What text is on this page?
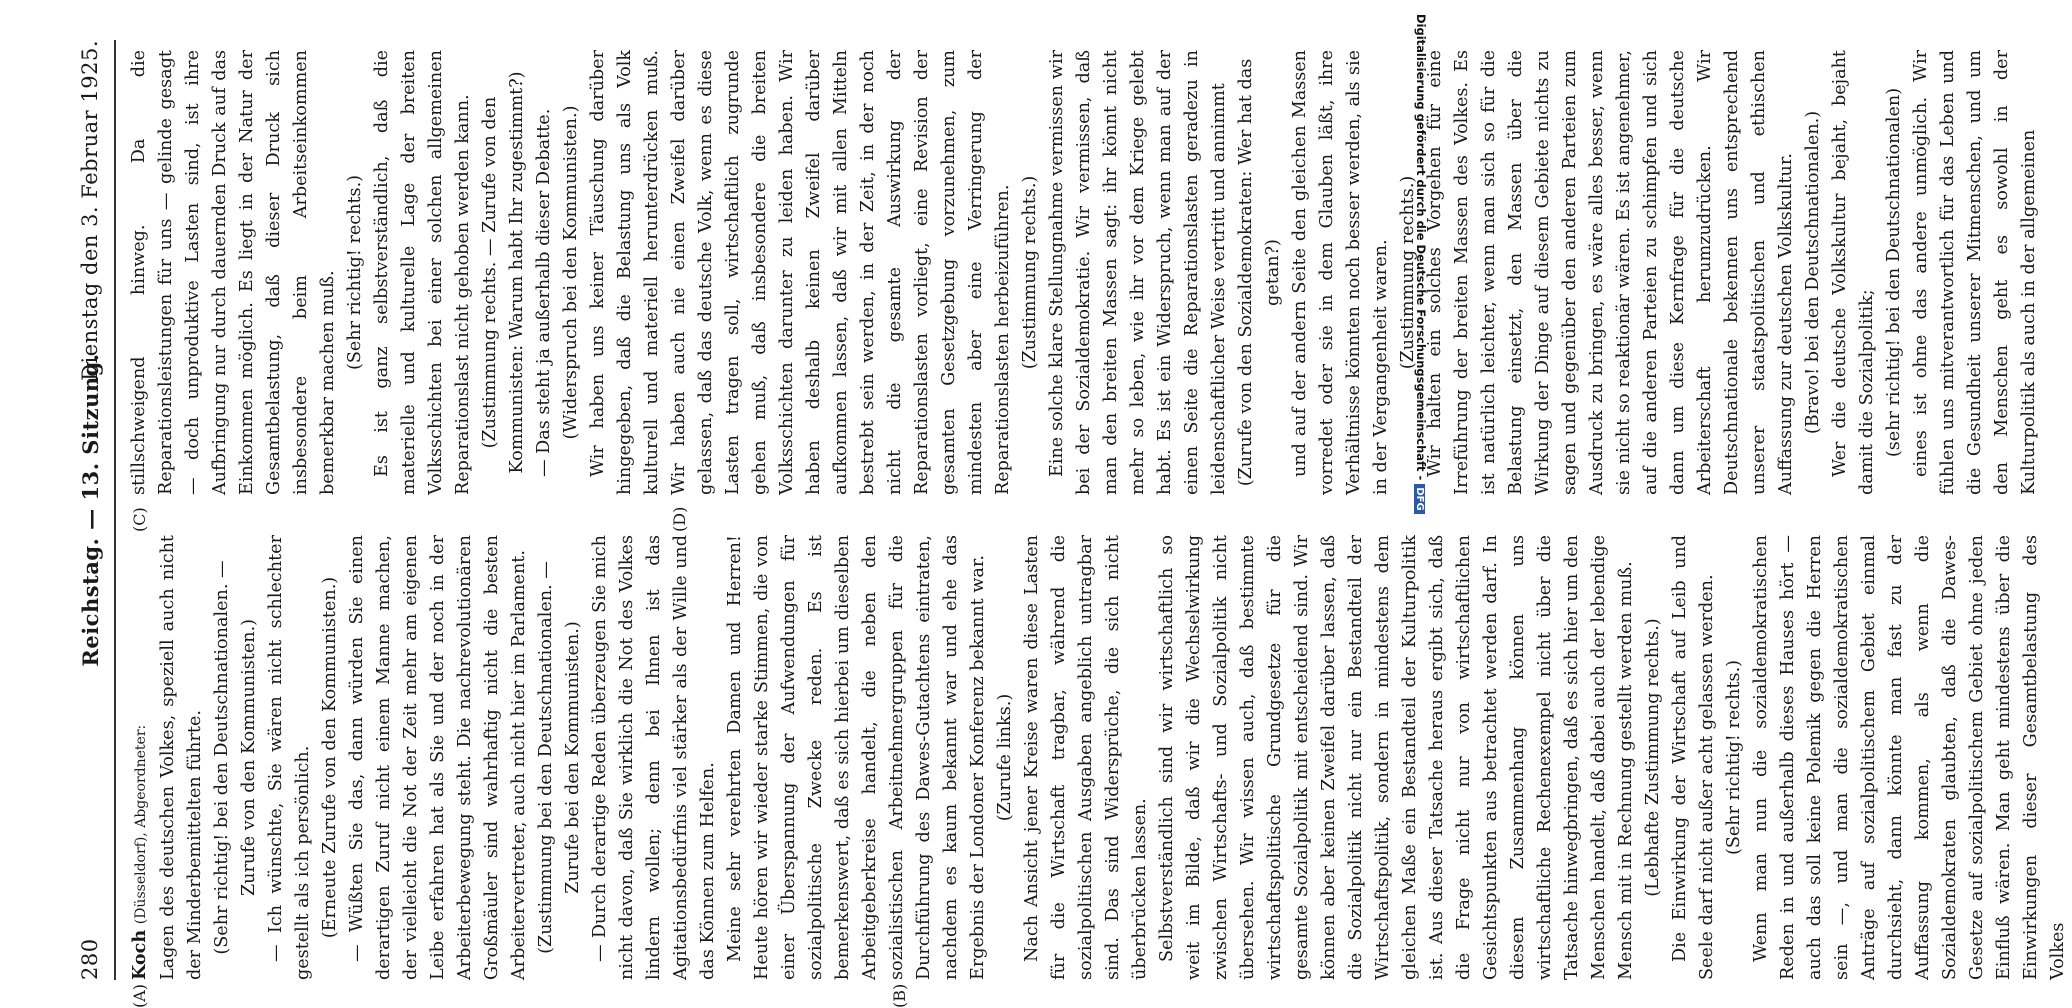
280
Reichstag. — 13. Sitzung.
Dienstag den 3. Februar 1925.
(A)	(B)
(C)	(D)

Koch (Düsseldorf), Abgeordneter: Lagen des deutschen Volkes, speziell auch nicht der Minderbemittelten führte. (Sehr richtig! bei den Deutschnationalen. — Zurufe von den Kommunisten.) — Ich wünschte, Sie wären nicht schlechter gestellt als ich persönlich. (Erneute Zurufe von den Kommunisten.) — Wüßten Sie das, dann würden Sie einen derartigen Zuruf nicht einem Manne machen, der vielleicht die Not der Zeit mehr am eigenen Leibe erfahren hat als Sie und der noch in der Arbeiterbewegung steht. Die nachrevolutionären Großmäuler sind wahrhaftig nicht die besten Arbeitervertreter, auch nicht hier im Parlament. (Zustimmung bei den Deutschnationalen. — Zurufe bei den Kommunisten.) — Durch derartige Reden überzeugen Sie mich nicht davon, daß Sie wirklich die Not des Volkes lindern wollen; denn bei Ihnen ist das Agitationsbedürfnis viel stärker als der Wille und das Können zum Helfen. Meine sehr verehrten Damen und Herren! Heute hören wir wieder starke Stimmen, die von einer Überspannung der Aufwendungen für sozialpolitische Zwecke reden. Es ist bemerkenswert, daß es sich hierbei um dieselben Arbeitgeberkreise handelt, die neben den sozialistischen Arbeitnehmergruppen für die Durchführung des Dawes-Gutachtens eintraten, nachdem es kaum bekannt war und ehe das Ergebnis der Londoner Konferenz bekannt war. (Zurufe links.) Nach Ansicht jener Kreise waren diese Lasten für die Wirtschaft tragbar, während die sozialpolitischen Ausgaben angeblich untragbar sind. Das sind Widersprüche, die sich nicht überbrücken lassen. Selbstverständlich sind wir wirtschaftlich so weit im Bilde, daß wir die Wechselwirkung zwischen Wirtschafts- und Sozialpolitik nicht übersehen. Wir wissen auch, daß bestimmte wirtschaftspolitische Grundgesetze für die gesamte Sozialpolitik mit entscheidend sind. Wir können aber keinen Zweifel darüber lassen, daß die Sozialpolitik nicht nur ein Bestandteil der Wirtschaftspolitik, sondern in mindestens dem gleichen Maße ein Bestandteil der Kulturpolitik ist. Aus dieser Tatsache heraus ergibt sich, daß die Frage nicht nur von wirtschaftlichen Gesichtspunkten aus betrachtet werden darf. In diesem Zusammenhang können uns wirtschaftliche Rechenexempel nicht über die Tatsache hinwegbringen, daß es sich hier um den Menschen handelt, daß dabei auch der lebendige Mensch mit in Rechnung gestellt werden muß. (Lebhafte Zustimmung rechts.) Die Einwirkung der Wirtschaft auf Leib und Seele darf nicht außer acht gelassen werden. (Sehr richtig! rechts.) Wenn man nun die sozialdemokratischen Reden in und außerhalb dieses Hauses hört — auch das soll keine Polemik gegen die Herren sein —, und man die sozialdemokratischen Anträge auf sozialpolitischem Gebiet einmal durchsieht, dann könnte man fast zu der Auffassung kommen, als wenn die Sozialdemokraten glaubten, daß die Dawes-Gesetze auf sozialpolitischem Gebiet ohne jeden Einfluß wären. Man geht mindestens über die Einwirkungen dieser Gesamtbelastung des Volkes

stillschweigend hinweg. Da die Reparationsleistungen für uns — gelinde gesagt — doch unproduktive Lasten sind, ist ihre Aufbringung nur durch dauernden Druck auf das Einkommen möglich. Es liegt in der Natur der Gesamtbelastung, daß dieser Druck sich insbesondere beim Arbeitseinkommen bemerkbar machen muß. (Sehr richtig! rechts.) Es ist ganz selbstverständlich, daß die materielle und kulturelle Lage der breiten Volksschichten bei einer solchen allgemeinen Reparationslast nicht gehoben werden kann. (Zustimmung rechts. — Zurufe von den Kommunisten: Warum habt Ihr zugestimmt?) — Das steht ja außerhalb dieser Debatte. (Widerspruch bei den Kommunisten.) Wir haben uns keiner Täuschung darüber hingegeben, daß die Belastung uns als Volk kulturell und materiell herunterdrücken muß. Wir haben auch nie einen Zweifel darüber gelassen, daß das deutsche Volk, wenn es diese Lasten tragen soll, wirtschaftlich zugrunde gehen muß, daß insbesondere die breiten Volksschichten darunter zu leiden haben. Wir haben deshalb keinen Zweifel darüber aufkommen lassen, daß wir mit allen Mitteln bestrebt sein werden, in der Zeit, in der noch nicht die gesamte Auswirkung der Reparationslasten vorliegt, eine Revision der gesamten Gesetzgebung vorzunehmen, zum mindesten aber eine Verringerung der Reparationslasten herbeizuführen. (Zustimmung rechts.) Eine solche klare Stellungnahme vermissen wir bei der Sozialdemokratie. Wir vermissen, daß man den breiten Massen sagt: ihr könnt nicht mehr so leben, wie ihr vor dem Kriege gelebt habt. Es ist ein Widerspruch, wenn man auf der einen Seite die Reparationslasten geradezu in leidenschaftlicher Weise vertritt und annimmt (Zurufe von den Sozialdemokraten: Wer hat das getan?) und auf der andern Seite den gleichen Massen vorredet oder sie in dem Glauben läßt, ihre Verhältnisse könnten noch besser werden, als sie in der Vergangenheit waren. (Zustimmung rechts.) Wir halten ein solches Vorgehen für eine Irreführung der breiten Massen des Volkes. Es ist natürlich leichter, wenn man sich so für die Belastung einsetzt, den Massen über die Wirkung der Dinge auf diesem Gebiete nichts zu sagen und gegenüber den anderen Parteien zum Ausdruck zu bringen, es wäre alles besser, wenn sie nicht so reaktionär wären. Es ist angenehmer, auf die anderen Parteien zu schimpfen und sich dann um diese Kernfrage für die deutsche Arbeiterschaft herumzudrücken. Wir Deutschnationale bekennen uns entsprechend unserer staatspolitischen und ethischen Auffassung zur deutschen Volkskultur. (Bravo! bei den Deutschnationalen.) Wer die deutsche Volkskultur bejaht, bejaht damit die Sozialpolitik; (sehr richtig! bei den Deutschnationalen) eines ist ohne das andere unmöglich. Wir fühlen uns mitverantwortlich für das Leben und die Gesundheit unserer Mitmenschen, und um den Menschen geht es sowohl in der Kulturpolitik als auch in der allgemeinen

Digitalisierung gefördert durch die Deutsche Forschungsgemeinschaft -DFG
